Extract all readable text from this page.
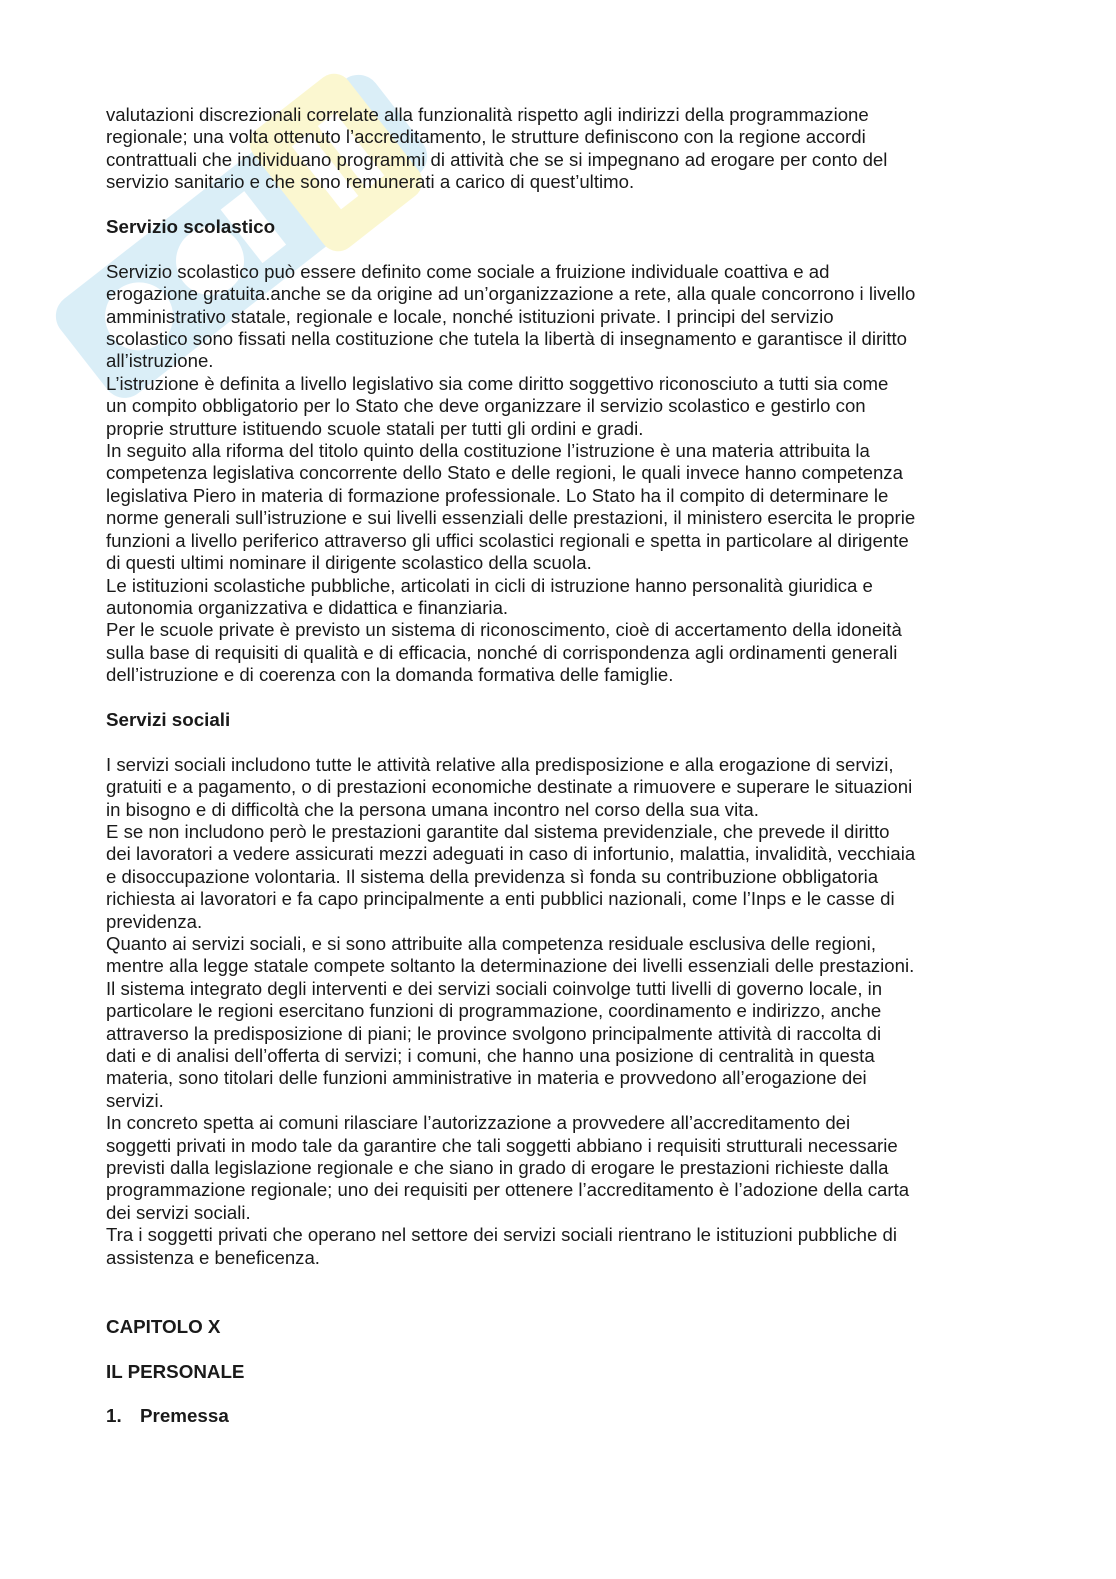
valutazioni discrezionali correlate alla funzionalità rispetto agli indirizzi della programmazione

regionale; una volta ottenuto l’accreditamento, le strutture definiscono con la regione accordi

contrattuali che individuano programmi di attività che se si impegnano ad erogare per conto del

servizio sanitario e che sono remunerati a carico di quest’ultimo.

Servizio scolastico

Servizio scolastico può essere definito come sociale a fruizione individuale coattiva e ad

erogazione gratuita.anche se da origine ad un’organizzazione a rete, alla quale concorrono i livello

amministrativo statale, regionale e locale, nonché istituzioni private. I principi del servizio

scolastico sono fissati nella costituzione che tutela la libertà di insegnamento e garantisce il diritto

all’istruzione.

L’istruzione è definita a livello legislativo sia come diritto soggettivo riconosciuto a tutti sia come

un compito obbligatorio per lo Stato che deve organizzare il servizio scolastico e gestirlo con

proprie strutture istituendo scuole statali per tutti gli ordini e gradi.

In seguito alla riforma del titolo quinto della costituzione l’istruzione è una materia attribuita la

competenza legislativa concorrente dello Stato e delle regioni, le quali invece hanno competenza

legislativa Piero in materia di formazione professionale. Lo Stato ha il compito di determinare le

norme generali sull’istruzione e sui livelli essenziali delle prestazioni, il ministero esercita le proprie

funzioni a livello periferico attraverso gli uffici scolastici regionali e spetta in particolare al dirigente

di questi ultimi nominare il dirigente scolastico della scuola.

Le istituzioni scolastiche pubbliche, articolati in cicli di istruzione hanno personalità giuridica e

autonomia organizzativa e didattica e finanziaria.

Per le scuole private è previsto un sistema di riconoscimento, cioè di accertamento della idoneità

sulla base di requisiti di qualità e di efficacia, nonché di corrispondenza agli ordinamenti generali

dell’istruzione e di coerenza con la domanda formativa delle famiglie.

Servizi sociali

I servizi sociali includono tutte le attività relative alla predisposizione e alla erogazione di servizi,

gratuiti e a pagamento, o di prestazioni economiche destinate a rimuovere e superare le situazioni

in bisogno e di difficoltà che la persona umana incontro nel corso della sua vita.

E se non includono però le prestazioni garantite dal sistema previdenziale, che prevede il diritto

dei lavoratori a vedere assicurati mezzi adeguati in caso di infortunio, malattia, invalidità, vecchiaia

e disoccupazione volontaria. Il sistema della previdenza sì fonda su contribuzione obbligatoria

richiesta ai lavoratori e fa capo principalmente a enti pubblici nazionali, come l’Inps e le casse di

previdenza.

Quanto ai servizi sociali, e si sono attribuite alla competenza residuale esclusiva delle regioni,

mentre alla legge statale compete soltanto la determinazione dei livelli essenziali delle prestazioni.

Il sistema integrato degli interventi e dei servizi sociali coinvolge tutti livelli di governo locale, in

particolare le regioni esercitano funzioni di programmazione, coordinamento e indirizzo, anche

attraverso la predisposizione di piani; le province svolgono principalmente attività di raccolta di

dati e di analisi dell’offerta di servizi; i comuni, che hanno una posizione di centralità in questa

materia, sono titolari delle funzioni amministrative in materia e provvedono all’erogazione dei

servizi.

In concreto spetta ai comuni rilasciare l’autorizzazione a provvedere all’accreditamento dei

soggetti privati in modo tale da garantire che tali soggetti abbiano i requisiti strutturali necessarie

previsti dalla legislazione regionale e che siano in grado di erogare le prestazioni richieste dalla

programmazione regionale; uno dei requisiti per ottenere l’accreditamento è l’adozione della carta

dei servizi sociali.

Tra i soggetti privati che operano nel settore dei servizi sociali rientrano le istituzioni pubbliche di

assistenza e beneficenza.

CAPITOLO X
IL PERSONALE
1. Premessa
